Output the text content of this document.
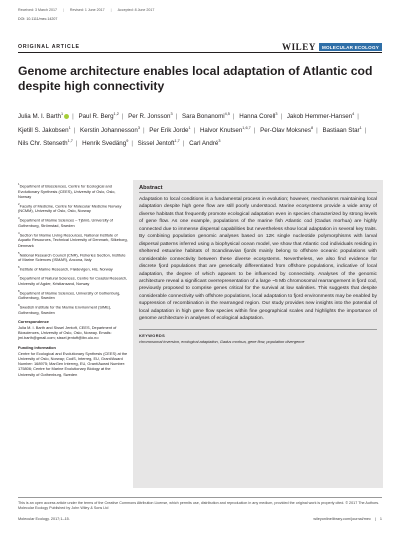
Received: 3 March 2017 | Revised: 1 June 2017 | Accepted: 8 June 2017
DOI: 10.1111/mec.14207
ORIGINAL ARTICLE	WILEY	MOLECULAR ECOLOGY
Genome architecture enables local adaptation of Atlantic cod despite high connectivity
Julia M. I. Barth$^1$ | Paul R. Berg$^{1,2}$ | Per R. Jonsson$^3$ | Sara Bonanomi$^{4,5}$ | Hanna Corell$^3$ | Jakob Hemmer-Hansen$^4$ | Kjetill S. Jakobsen$^1$ | Kerstin Johannesson$^3$ | Per Erik Jorde$^1$ | Halvor Knutsen$^{1,6,7}$ | Per-Olav Moksnes$^8$ | Bastiaan Star$^1$ | Nils Chr. Stenseth$^{1,7}$ | Henrik Svedäng$^9$ | Sissel Jentoft$^{1,7}$ | Carl André$^3$
$^1$Department of Biosciences, Centre for Ecological and Evolutionary Synthesis (CEES), University of Oslo, Oslo, Norway
$^2$Faculty of Medicine, Centre for Molecular Medicine Norway (NCMM), University of Oslo, Oslo, Norway
$^3$Department of Marine Sciences – Tjärnö, University of Gothenburg, Strömstad, Sweden
$^4$Section for Marine Living Resources, National Institute of Aquatic Resources, Technical University of Denmark, Silkeborg, Denmark
$^5$National Research Council (CNR), Fisheries Section, Institute of Marine Sciences (ISMAR), Ancona, Italy
$^6$Institute of Marine Research, Flødevigen, His, Norway
$^7$Department of Natural Sciences, Centre for Coastal Research, University of Agder, Kristiansand, Norway
$^8$Department of Marine Sciences, University of Gothenburg, Gothenburg, Sweden
$^9$Swedish Institute for the Marine Environment (SIME), Gothenburg, Sweden
Correspondence
Julia M. I. Barth and Sissel Jentoft, CEES, Department of Biosciences, University of Oslo, Oslo, Norway. Emails: jmi.barth@gmail.com; sissel.jentoft@ibv.uio.no
Funding information
Centre for Ecological and Evolutionary Synthesis (CEES) at the University of Oslo, Norway; CodS, Interreg, EU, Grant/Award Number: 168975; MarGen Interreg, EU, Grant/Award Number: 175806; Centre for Marine Evolutionary Biology at the University of Gothenburg, Sweden
Abstract

Adaptation to local conditions is a fundamental process in evolution; however, mechanisms maintaining local adaptation despite high gene flow are still poorly understood. Marine ecosystems provide a wide array of diverse habitats that frequently promote ecological adaptation even in species characterized by strong levels of gene flow. As one example, populations of the marine fish Atlantic cod (Gadus morhua) are highly connected due to immense dispersal capabilities but nevertheless show local adaptation in several key traits. By combining population genomic analyses based on 12K single nucleotide polymorphisms with larval dispersal patterns inferred using a biophysical ocean model, we show that Atlantic cod individuals residing in sheltered estuarine habitats of Scandinavian fjords mainly belong to offshore oceanic populations with considerable connectivity between these diverse ecosystems. Nevertheless, we also find evidence for discrete fjord populations that are genetically differentiated from offshore populations, indicative of local adaptation, the degree of which appears to be influenced by connectivity. Analyses of the genomic architecture reveal a significant overrepresentation of a large ~5 Mb chromosomal rearrangement in fjord cod, previously proposed to comprise genes critical for the survival at low salinities. This suggests that despite considerable connectivity with offshore populations, local adaptation to fjord environments may be enabled by suppression of recombination in the rearranged region. Our study provides new insights into the potential of local adaptation in high gene flow species within fine geographical scales and highlights the importance of genome architecture in analyses of ecological adaptation.

KEYWORDS
chromosomal inversion, ecological adaptation, Gadus morhua, gene flow, population divergence
This is an open access article under the terms of the Creative Commons Attribution License, which permits use, distribution and reproduction in any medium, provided the original work is properly cited. © 2017 The Authors. Molecular Ecology Published by John Wiley & Sons Ltd
Molecular Ecology. 2017;1–15.	wileyonlinelibrary.com/journal/mec | 1
